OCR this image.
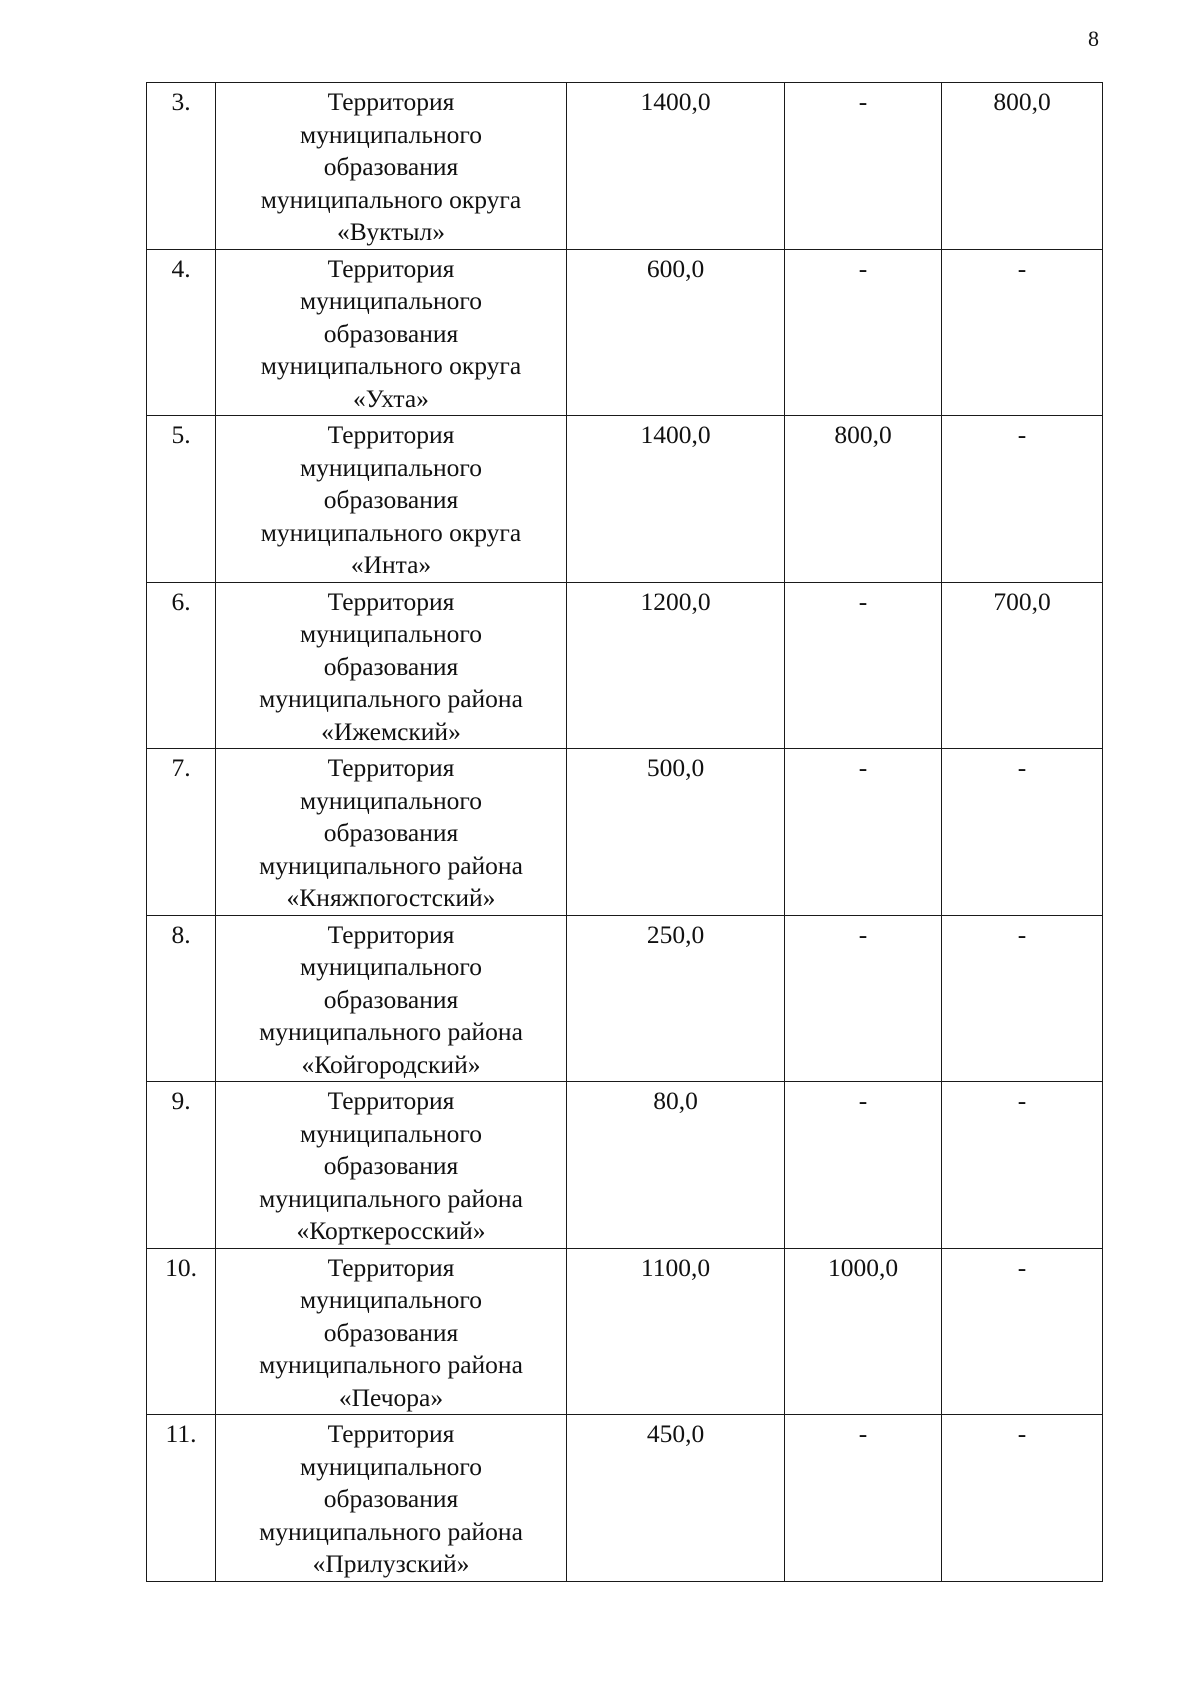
8
3.	Территория
муниципального
образования
муниципального округа
«Вуктыл»	1400,0	-	800,0

4.	Территория
муниципального
образования
муниципального округа
«Ухта»	600,0	-	-

5.	Территория
муниципального
образования
муниципального округа
«Инта»	1400,0	800,0	-

6.	Территория
муниципального
образования
муниципального района
«Ижемский»	1200,0	-	700,0

7.	Территория
муниципального
образования
муниципального района
«Княжпогостский»	500,0	-	-

8.	Территория
муниципального
образования
муниципального района
«Койгородский»	250,0	-	-

9.	Территория
муниципального
образования
муниципального района
«Корткеросский»	80,0	-	-

10.	Территория
муниципального
образования
муниципального района
«Печора»	1100,0	1000,0	-

11.	Территория
муниципального
образования
муниципального района
«Прилузский»	450,0	-	-
